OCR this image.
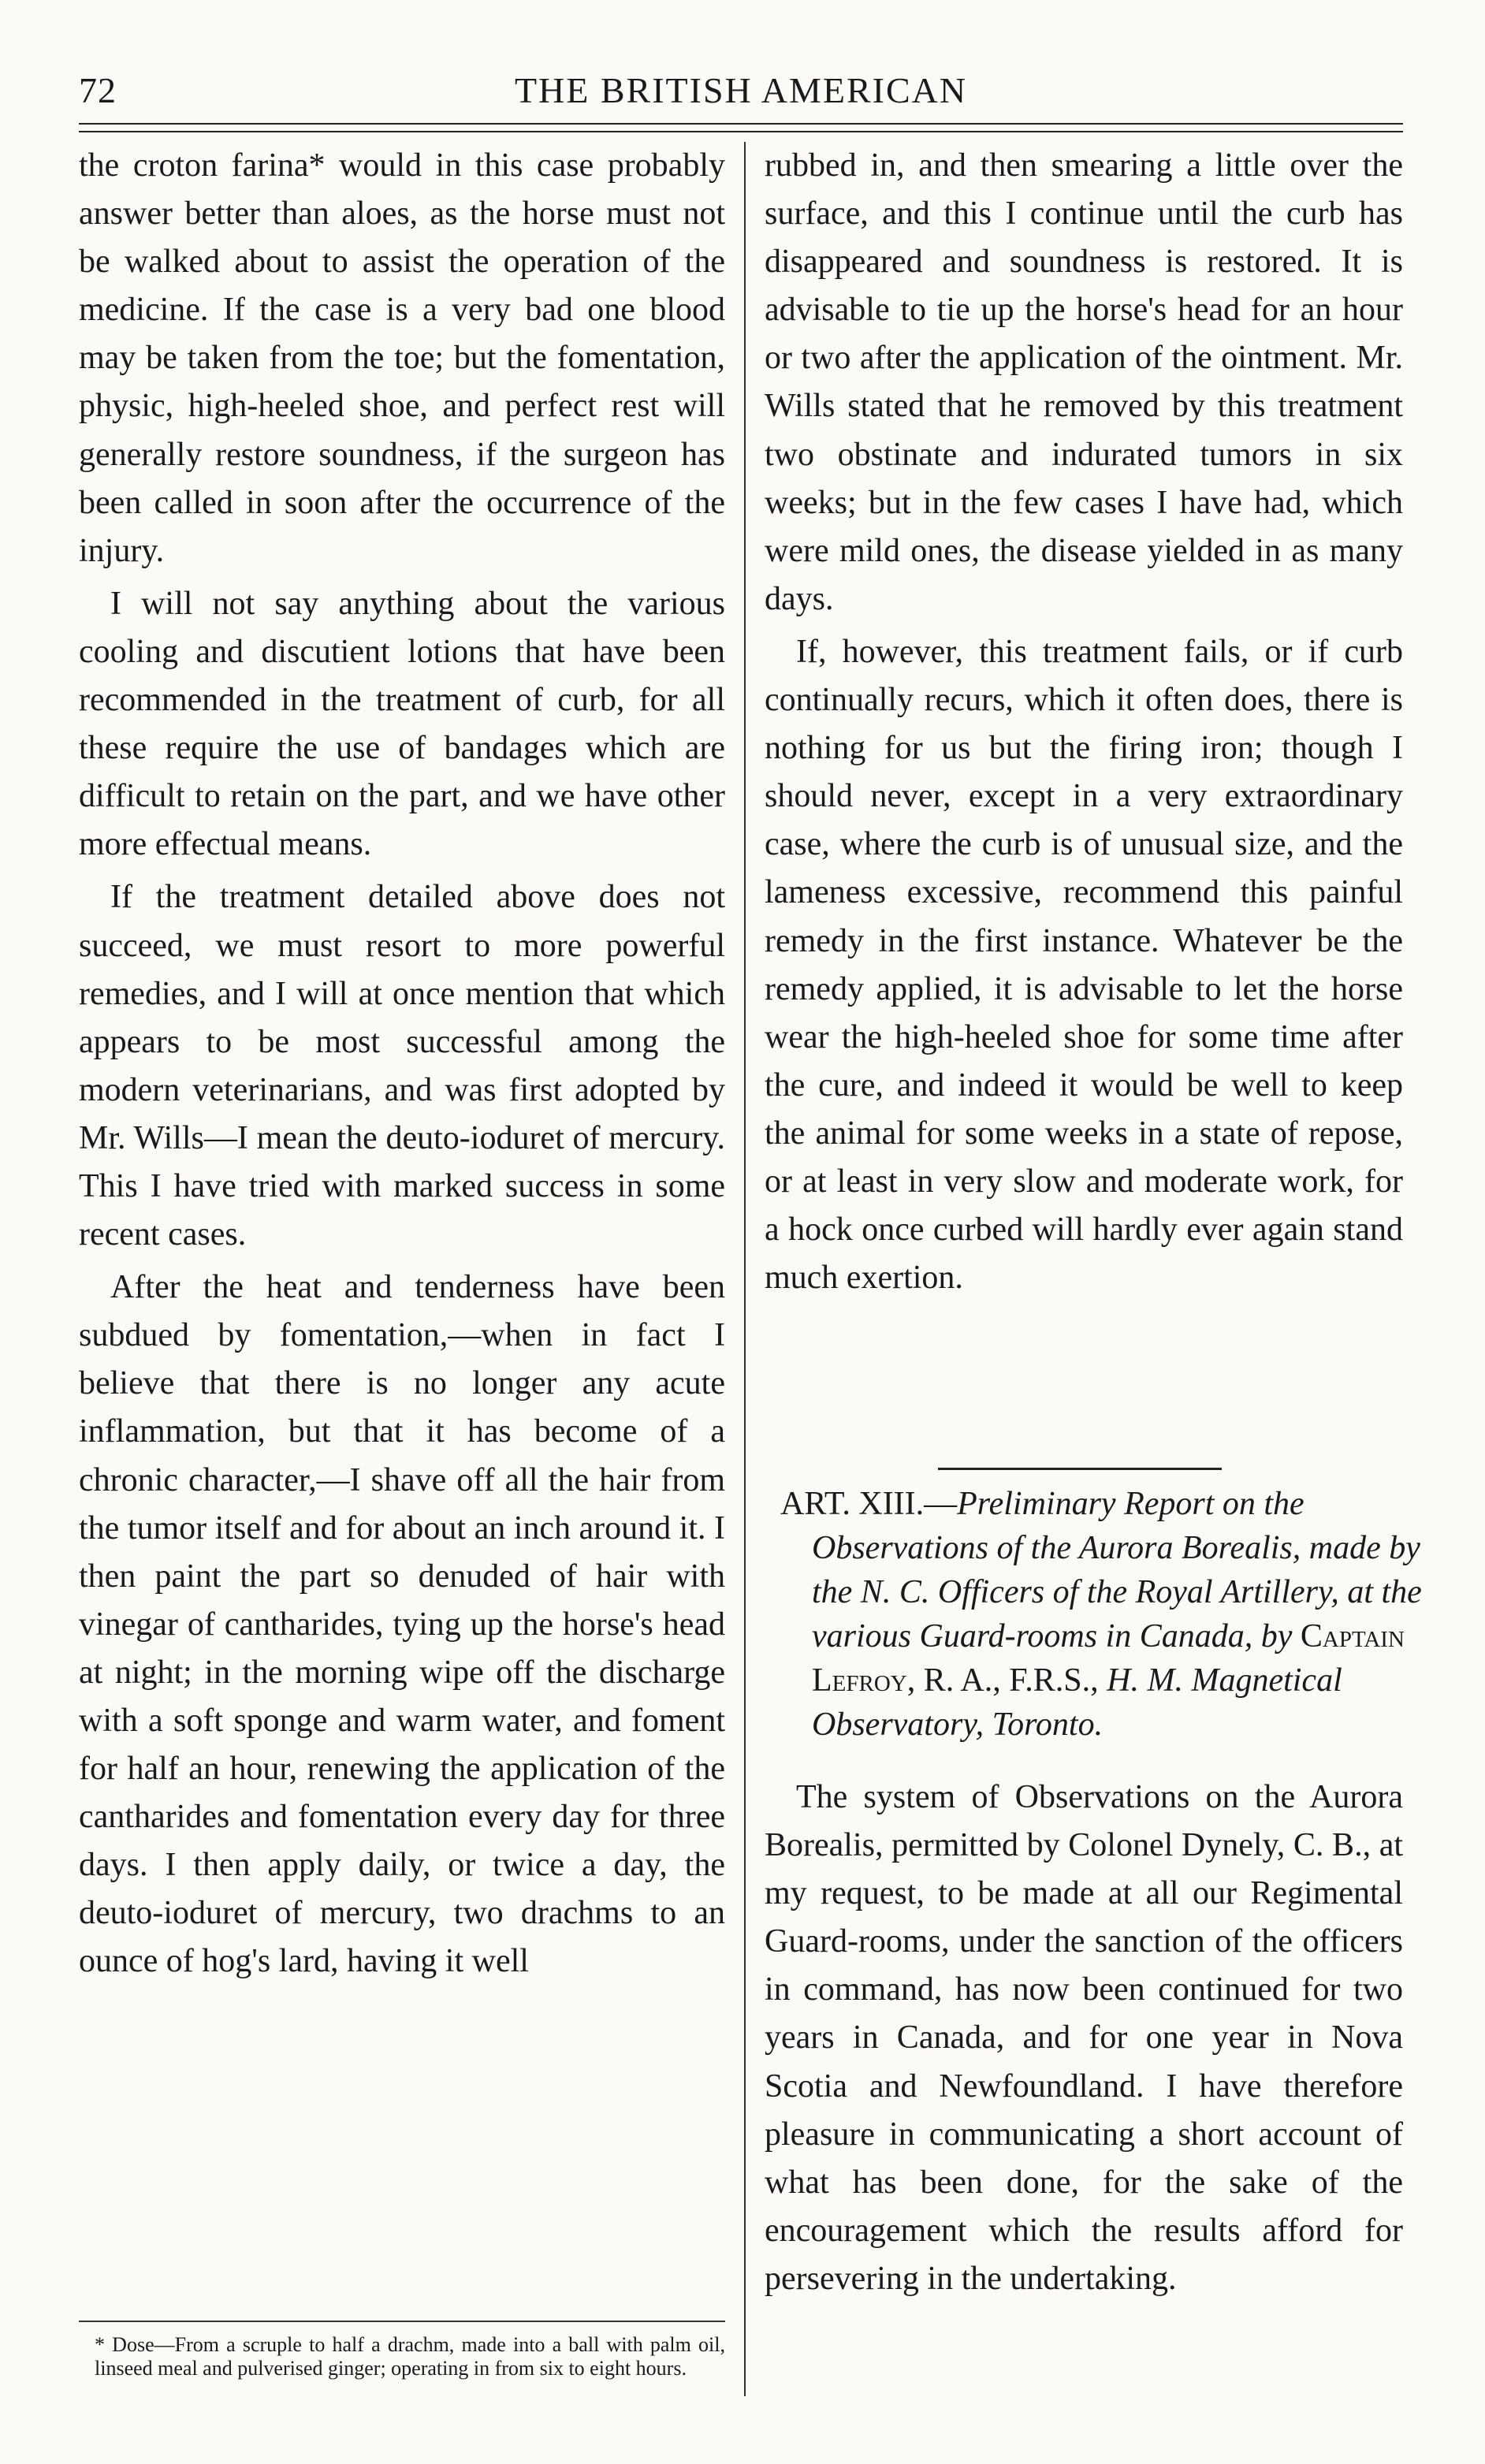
72	THE BRITISH AMERICAN

the croton farina* would in this case probably answer better than aloes, as the horse must not be walked about to assist the operation of the medicine. If the case is a very bad one blood may be taken from the toe; but the fomentation, physic, high-heeled shoe, and perfect rest will generally restore soundness, if the surgeon has been called in soon after the occurrence of the injury.

I will not say anything about the various cooling and discutient lotions that have been recommended in the treatment of curb, for all these require the use of bandages which are difficult to retain on the part, and we have other more effectual means.

If the treatment detailed above does not succeed, we must resort to more powerful remedies, and I will at once mention that which appears to be most successful among the modern veterinarians, and was first adopted by Mr. Wills—I mean the deuto-ioduret of mercury. This I have tried with marked success in some recent cases.

After the heat and tenderness have been subdued by fomentation,—when in fact I believe that there is no longer any acute inflammation, but that it has become of a chronic character,—I shave off all the hair from the tumor itself and for about an inch around it. I then paint the part so denuded of hair with vinegar of cantharides, tying up the horse's head at night; in the morning wipe off the discharge with a soft sponge and warm water, and foment for half an hour, renewing the application of the cantharides and fomentation every day for three days. I then apply daily, or twice a day, the deuto-ioduret of mercury, two drachms to an ounce of hog's lard, having it well

* Dose—From a scruple to half a drachm, made into a ball with palm oil, linseed meal and pulverised ginger; operating in from six to eight hours.

rubbed in, and then smearing a little over the surface, and this I continue until the curb has disappeared and soundness is restored. It is advisable to tie up the horse's head for an hour or two after the application of the ointment. Mr. Wills stated that he removed by this treatment two obstinate and indurated tumors in six weeks; but in the few cases I have had, which were mild ones, the disease yielded in as many days.

If, however, this treatment fails, or if curb continually recurs, which it often does, there is nothing for us but the firing iron; though I should never, except in a very extraordinary case, where the curb is of unusual size, and the lameness excessive, recommend this painful remedy in the first instance. Whatever be the remedy applied, it is advisable to let the horse wear the high-heeled shoe for some time after the cure, and indeed it would be well to keep the animal for some weeks in a state of repose, or at least in very slow and moderate work, for a hock once curbed will hardly ever again stand much exertion.

ART. XIII.—Preliminary Report on the Observations of the Aurora Borealis, made by the N. C. Officers of the Royal Artillery, at the various Guard-rooms in Canada, by Captain Lefroy, R. A., F.R.S., H. M. Magnetical Observatory, Toronto.

The system of Observations on the Aurora Borealis, permitted by Colonel Dynely, C. B., at my request, to be made at all our Regimental Guard-rooms, under the sanction of the officers in command, has now been continued for two years in Canada, and for one year in Nova Scotia and Newfoundland. I have therefore pleasure in communicating a short account of what has been done, for the sake of the encouragement which the results afford for persevering in the undertaking.
